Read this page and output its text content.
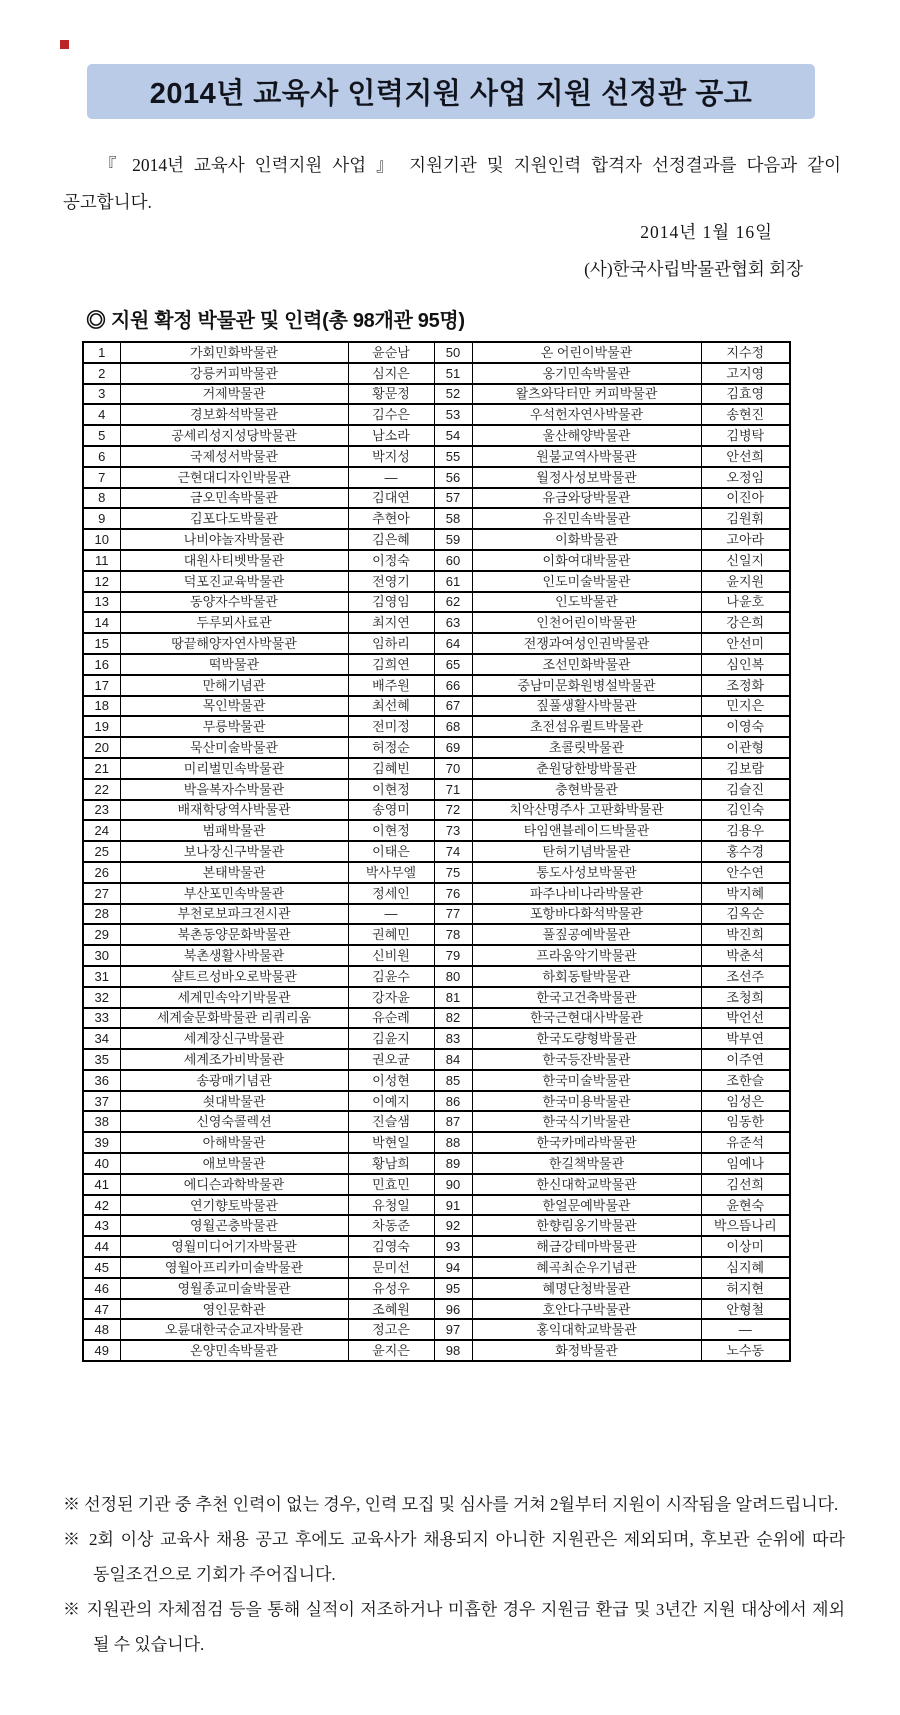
2014년 교육사 인력지원 사업 지원 선정관 공고

『 2014년 교육사 인력지원 사업 』 지원기관 및 지원인력 합격자 선정결과를 다음과 같이 공고합니다.

2014년 1월 16일
(사)한국사립박물관협회 회장
◎ 지원 확정 박물관 및 인력(총 98개관 95명)
1	가회민화박물관	윤순남	50	온 어린이박물관	지수정
2	강릉커피박물관	심지은	51	옹기민속박물관	고지영
3	거제박물관	황문정	52	왈츠와닥터만 커피박물관	김효영
4	경보화석박물관	김수은	53	우석헌자연사박물관	송현진
5	공세리성지성당박물관	남소라	54	울산해양박물관	김병탁
6	국제성서박물관	박지성	55	원불교역사박물관	안선희
7	근현대디자인박물관	—	56	월정사성보박물관	오정임
8	금오민속박물관	김대연	57	유금와당박물관	이진아
9	김포다도박물관	추현아	58	유진민속박물관	김원휘
10	나비야놀자박물관	김은혜	59	이화박물관	고아라
11	대원사티벳박물관	이정숙	60	이화여대박물관	신일지
12	덕포진교육박물관	전영기	61	인도미술박물관	윤지원
13	동양자수박물관	김영임	62	인도박물관	나윤호
14	두루뫼사료관	최지연	63	인천어린이박물관	강은희
15	땅끝해양자연사박물관	임하리	64	전쟁과여성인권박물관	안선미
16	떡박물관	김희연	65	조선민화박물관	심인복
17	만해기념관	배주원	66	중남미문화원병설박물관	조정화
18	목인박물관	최선혜	67	짚풀생활사박물관	민지은
19	무릉박물관	전미정	68	초전섬유퀼트박물관	이영숙
20	묵산미술박물관	허정순	69	초콜릿박물관	이관형
21	미리벌민속박물관	김혜빈	70	춘원당한방박물관	김보람
22	박을복자수박물관	이현정	71	충현박물관	김슬진
23	배재학당역사박물관	송영미	72	치악산명주사 고판화박물관	김인숙
24	범패박물관	이현정	73	타임앤블레이드박물관	김용우
25	보나장신구박물관	이태은	74	탄허기념박물관	홍수경
26	본태박물관	박사무엘	75	통도사성보박물관	안수연
27	부산포민속박물관	정세인	76	파주나비나라박물관	박지혜
28	부천로보파크전시관	—	77	포항바다화석박물관	김옥순
29	북촌동양문화박물관	권혜민	78	풀짚공예박물관	박진희
30	북촌생활사박물관	신비원	79	프라움악기박물관	박춘석
31	샬트르성바오로박물관	김윤수	80	하회동탈박물관	조선주
32	세계민속악기박물관	강자윤	81	한국고건축박물관	조청희
33	세계술문화박물관 리쿼리움	유순례	82	한국근현대사박물관	박언선
34	세계장신구박물관	김윤지	83	한국도량형박물관	박부연
35	세계조가비박물관	권오균	84	한국등잔박물관	이주연
36	송광매기념관	이성현	85	한국미술박물관	조한슬
37	쇳대박물관	이예지	86	한국미용박물관	임성은
38	신영숙콜렉션	진슬샘	87	한국식기박물관	임동한
39	아해박물관	박현일	88	한국카메라박물관	유준석
40	애보박물관	황남희	89	한길책박물관	임예나
41	에디슨과학박물관	민효민	90	한신대학교박물관	김선희
42	연기향토박물관	유청일	91	한얼문예박물관	윤현숙
43	영월곤충박물관	차동준	92	한향림옹기박물관	박으뜸나리
44	영월미디어기자박물관	김영숙	93	해금강테마박물관	이상미
45	영월아프리카미술박물관	문미선	94	혜곡최순우기념관	심지혜
46	영월종교미술박물관	유성우	95	혜명단청박물관	허지현
47	영인문학관	조혜원	96	호안다구박물관	안형철
48	오륜대한국순교자박물관	정고은	97	홍익대학교박물관	—
49	온양민속박물관	윤지은	98	화정박물관	노수동
※ 선정된 기관 중 추천 인력이 없는 경우, 인력 모집 및 심사를 거쳐 2월부터 지원이 시작됨을 알려드립니다.
※ 2회 이상 교육사 채용 공고 후에도 교육사가 채용되지 아니한 지원관은 제외되며, 후보관 순위에 따라 동일조건으로 기회가 주어집니다.
※ 지원관의 자체점검 등을 통해 실적이 저조하거나 미흡한 경우 지원금 환급 및 3년간 지원 대상에서 제외 될 수 있습니다.
